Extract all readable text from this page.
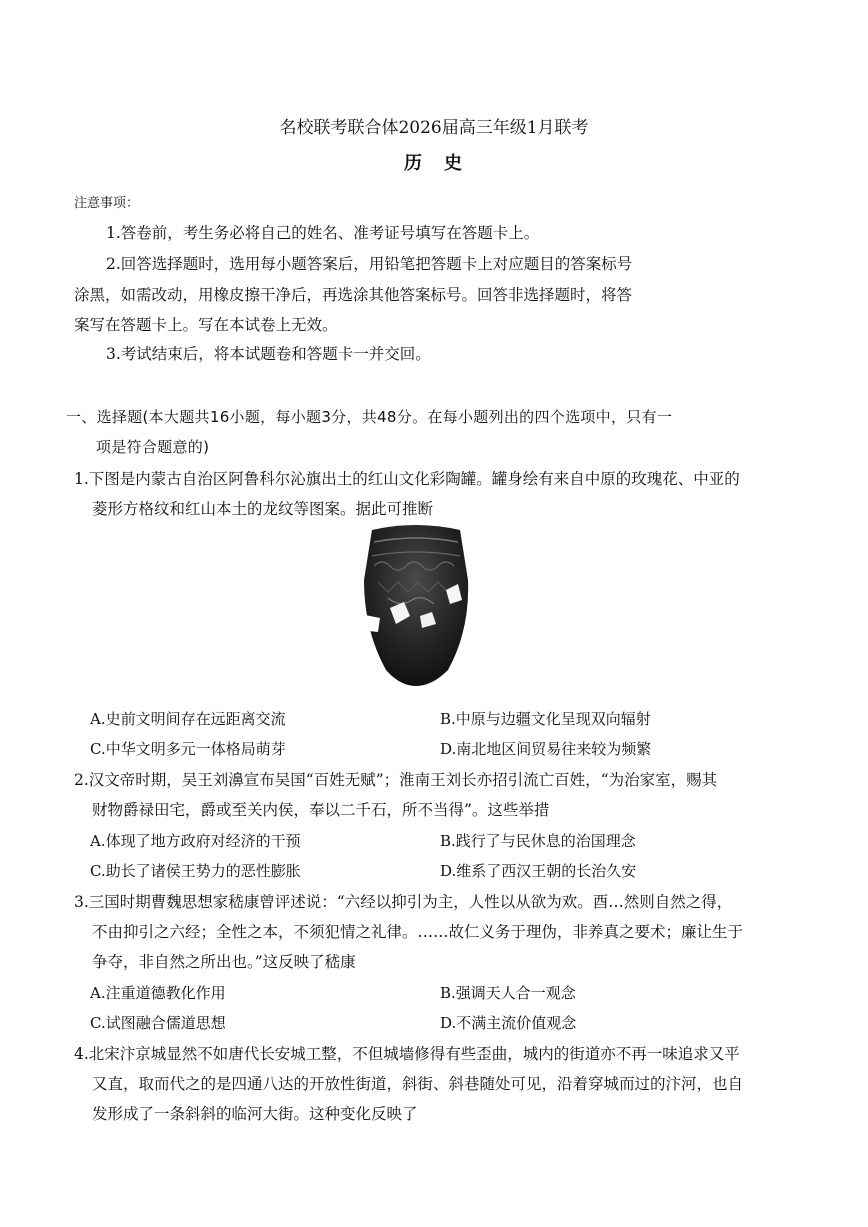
名校联考联合体2026届高三年级1月联考
历　史
注意事项：
1.答卷前，考生务必将自己的姓名、准考证号填写在答题卡上。
2.回答选择题时，选用每小题答案后，用铅笔把答题卡上对应题目的答案标号
涂黑，如需改动，用橡皮擦干净后，再选涂其他答案标号。回答非选择题时，将答
案写在答题卡上。写在本试卷上无效。
3.考试结束后，将本试题卷和答题卡一并交回。
一、选择题(本大题共16小题，每小题3分，共48分。在每小题列出的四个选项中，只有一
项是符合题意的)
1.下图是内蒙古自治区阿鲁科尔沁旗出土的红山文化彩陶罐。罐身绘有来自中原的玫瑰花、中亚的
菱形方格纹和红山本土的龙纹等图案。据此可推断
A.史前文明间存在远距离交流	B.中原与边疆文化呈现双向辐射
C.中华文明多元一体格局萌芽	D.南北地区间贸易往来较为频繁
2.汉文帝时期，吴王刘濞宣布吴国“百姓无赋”；淮南王刘长亦招引流亡百姓，“为治家室，赐其
财物爵禄田宅，爵或至关内侯，奉以二千石，所不当得”。这些举措
A.体现了地方政府对经济的干预	B.践行了与民休息的治国理念
C.助长了诸侯王势力的恶性膨胀	D.维系了西汉王朝的长治久安
3.三国时期曹魏思想家嵇康曾评述说：“六经以抑引为主，人性以从欲为欢。酉…然则自然之得，
不由抑引之六经；全性之本，不须犯情之礼律。……故仁义务于理伪，非养真之要术；廉让生于
争夺，非自然之所出也。”这反映了嵇康
A.注重道德教化作用	B.强调天人合一观念
C.试图融合儒道思想	D.不满主流价值观念
4.北宋汴京城显然不如唐代长安城工整，不但城墙修得有些歪曲，城内的街道亦不再一味追求又平
又直，取而代之的是四通八达的开放性街道，斜街、斜巷随处可见，沿着穿城而过的汴河，也自
发形成了一条斜斜的临河大街。这种变化反映了
